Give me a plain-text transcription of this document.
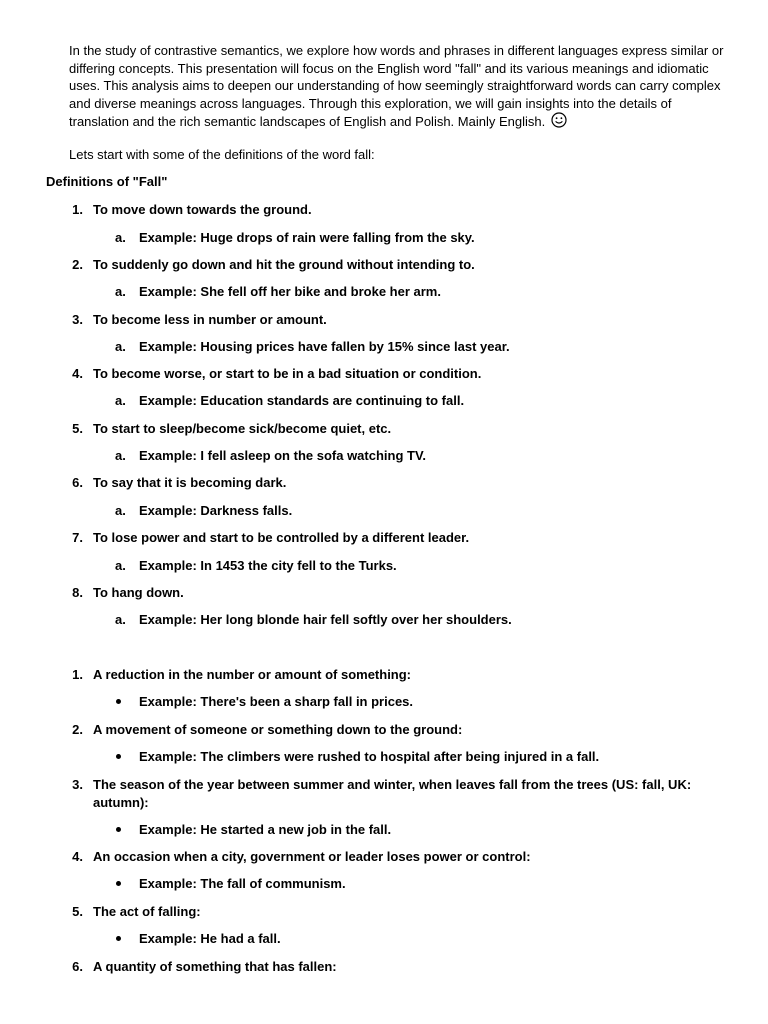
In the study of contrastive semantics, we explore how words and phrases in different languages express similar or differing concepts. This presentation will focus on the English word "fall" and its various meanings and idiomatic uses. This analysis aims to deepen our understanding of how seemingly straightforward words can carry complex and diverse meanings across languages. Through this exploration, we will gain insights into the details of translation and the rich semantic landscapes of English and Polish. Mainly English.

Lets start with some of the definitions of the word fall:

Definitions of "Fall"

1. To move down towards the ground.
a. Example: Huge drops of rain were falling from the sky.
2. To suddenly go down and hit the ground without intending to.
a. Example: She fell off her bike and broke her arm.
3. To become less in number or amount.
a. Example: Housing prices have fallen by 15% since last year.
4. To become worse, or start to be in a bad situation or condition.
a. Example: Education standards are continuing to fall.
5. To start to sleep/become sick/become quiet, etc.
a. Example: I fell asleep on the sofa watching TV.
6. To say that it is becoming dark.
a. Example: Darkness falls.
7. To lose power and start to be controlled by a different leader.
a. Example: In 1453 the city fell to the Turks.
8. To hang down.
a. Example: Her long blonde hair fell softly over her shoulders.
1. A reduction in the number or amount of something:
Example: There's been a sharp fall in prices.
2. A movement of someone or something down to the ground:
Example: The climbers were rushed to hospital after being injured in a fall.
3. The season of the year between summer and winter, when leaves fall from the trees (US: fall, UK: autumn):
Example: He started a new job in the fall.
4. An occasion when a city, government or leader loses power or control:
Example: The fall of communism.
5. The act of falling:
Example: He had a fall.
6. A quantity of something that has fallen:
